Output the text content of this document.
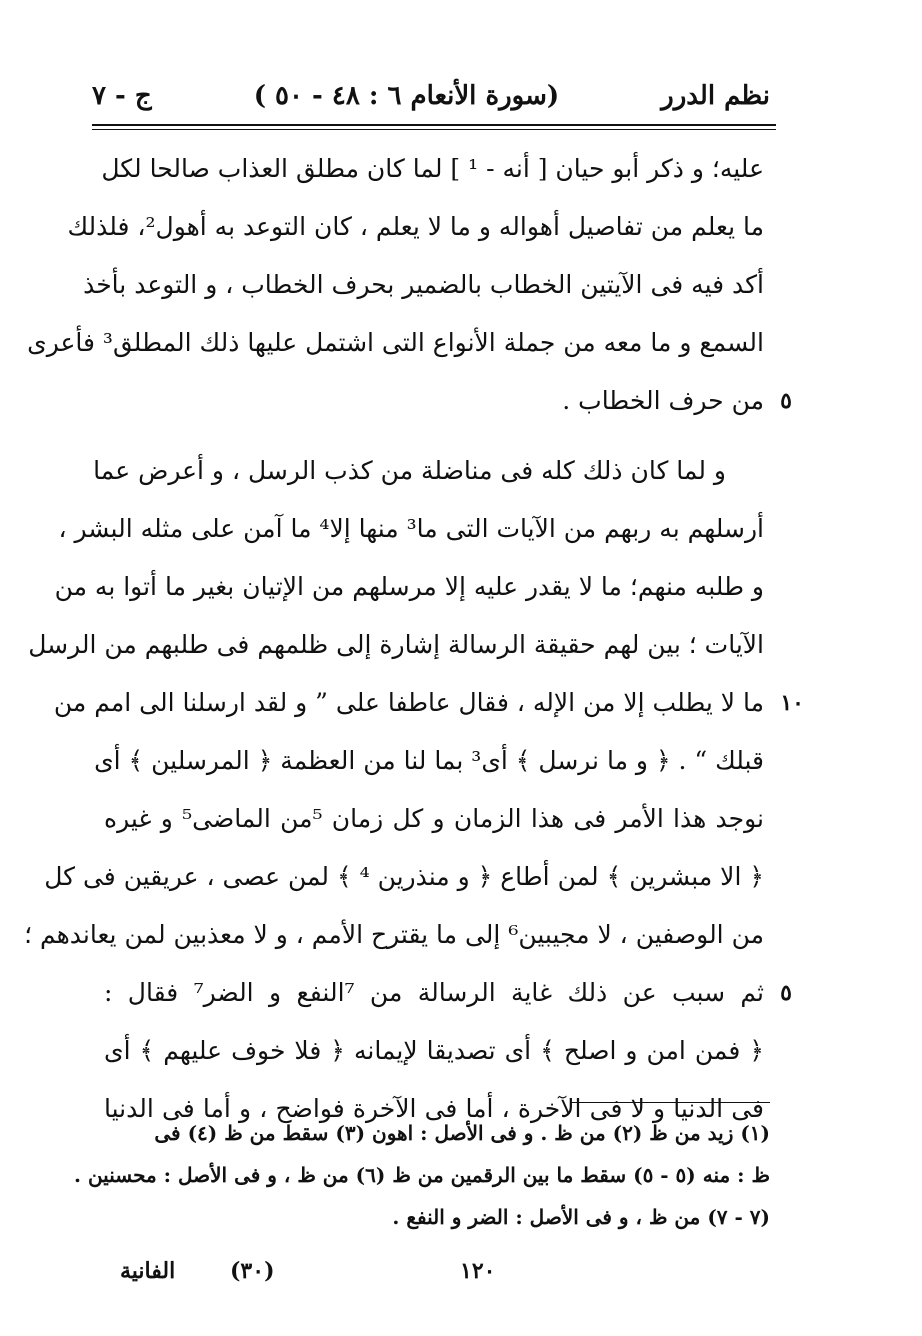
نظم الدرر
(سورة الأنعام ٦ : ٤٨ - ٥٠ )
ج - ٧
عليه؛ و ذكر أبو حيان [ أنه - ¹ ] لما كان مطلق العذاب صالحا لكل
ما يعلم من تفاصيل أهواله و ما لا يعلم ، كان التوعد به أهول²، فلذلك
أكد فيه فى الآيتين الخطاب بالضمير بحرف الخطاب ، و التوعد بأخذ
السمع و ما معه من جملة الأنواع التى اشتمل عليها ذلك المطلق³ فأعرى
من حرف الخطاب . ٥
و لما كان ذلك كله فى مناضلة من كذب الرسل ، و أعرض عما
أرسلهم به ربهم من الآيات التى ما³ منها إلا⁴ ما آمن على مثله البشر ،
و طلبه منهم؛ ما لا يقدر عليه إلا مرسلهم من الإتيان بغير ما أتوا به من
الآيات ؛ بين لهم حقيقة الرسالة إشارة إلى ظلمهم فى طلبهم من الرسل
ما لا يطلب إلا من الإله ، فقال عاطفا على ” و لقد ارسلنا الى امم من ١٠
قبلك “ . ﴿ و ما نرسل ﴾ أى³ بما لنا من العظمة ﴿ المرسلين ﴾ أى
نوجد هذا الأمر فى هذا الزمان و كل زمان ⁵من الماضى⁵ و غيره
﴿ الا مبشرين ﴾ لمن أطاع ﴿ و منذرين ⁴ ﴾ لمن عصى ، عريقين فى كل
من الوصفين ، لا مجيبين⁶ إلى ما يقترح الأمم ، و لا معذبين لمن يعاندهم ؛
ثم سبب عن ذلك غاية الرسالة من ⁷النفع و الضر⁷ فقال : ٥
﴿ فمن امن و اصلح ﴾ أى تصديقا لإيمانه ﴿ فلا خوف عليهم ﴾ أى
فى الدنيا و لا فى الآخرة ، أما فى الآخرة فواضح ، و أما فى الدنيا
(١) زيد من ظ (٢) من ظ . و فى الأصل : اهون (٣) سقط من ظ (٤) فى
ظ : منه (٥ - ٥) سقط ما بين الرقمين من ظ (٦) من ظ ، و فى الأصل : محسنين .
(٧ - ٧) من ظ ، و فى الأصل : الضر و النفع .
الفانية (٣٠)	١٢٠
